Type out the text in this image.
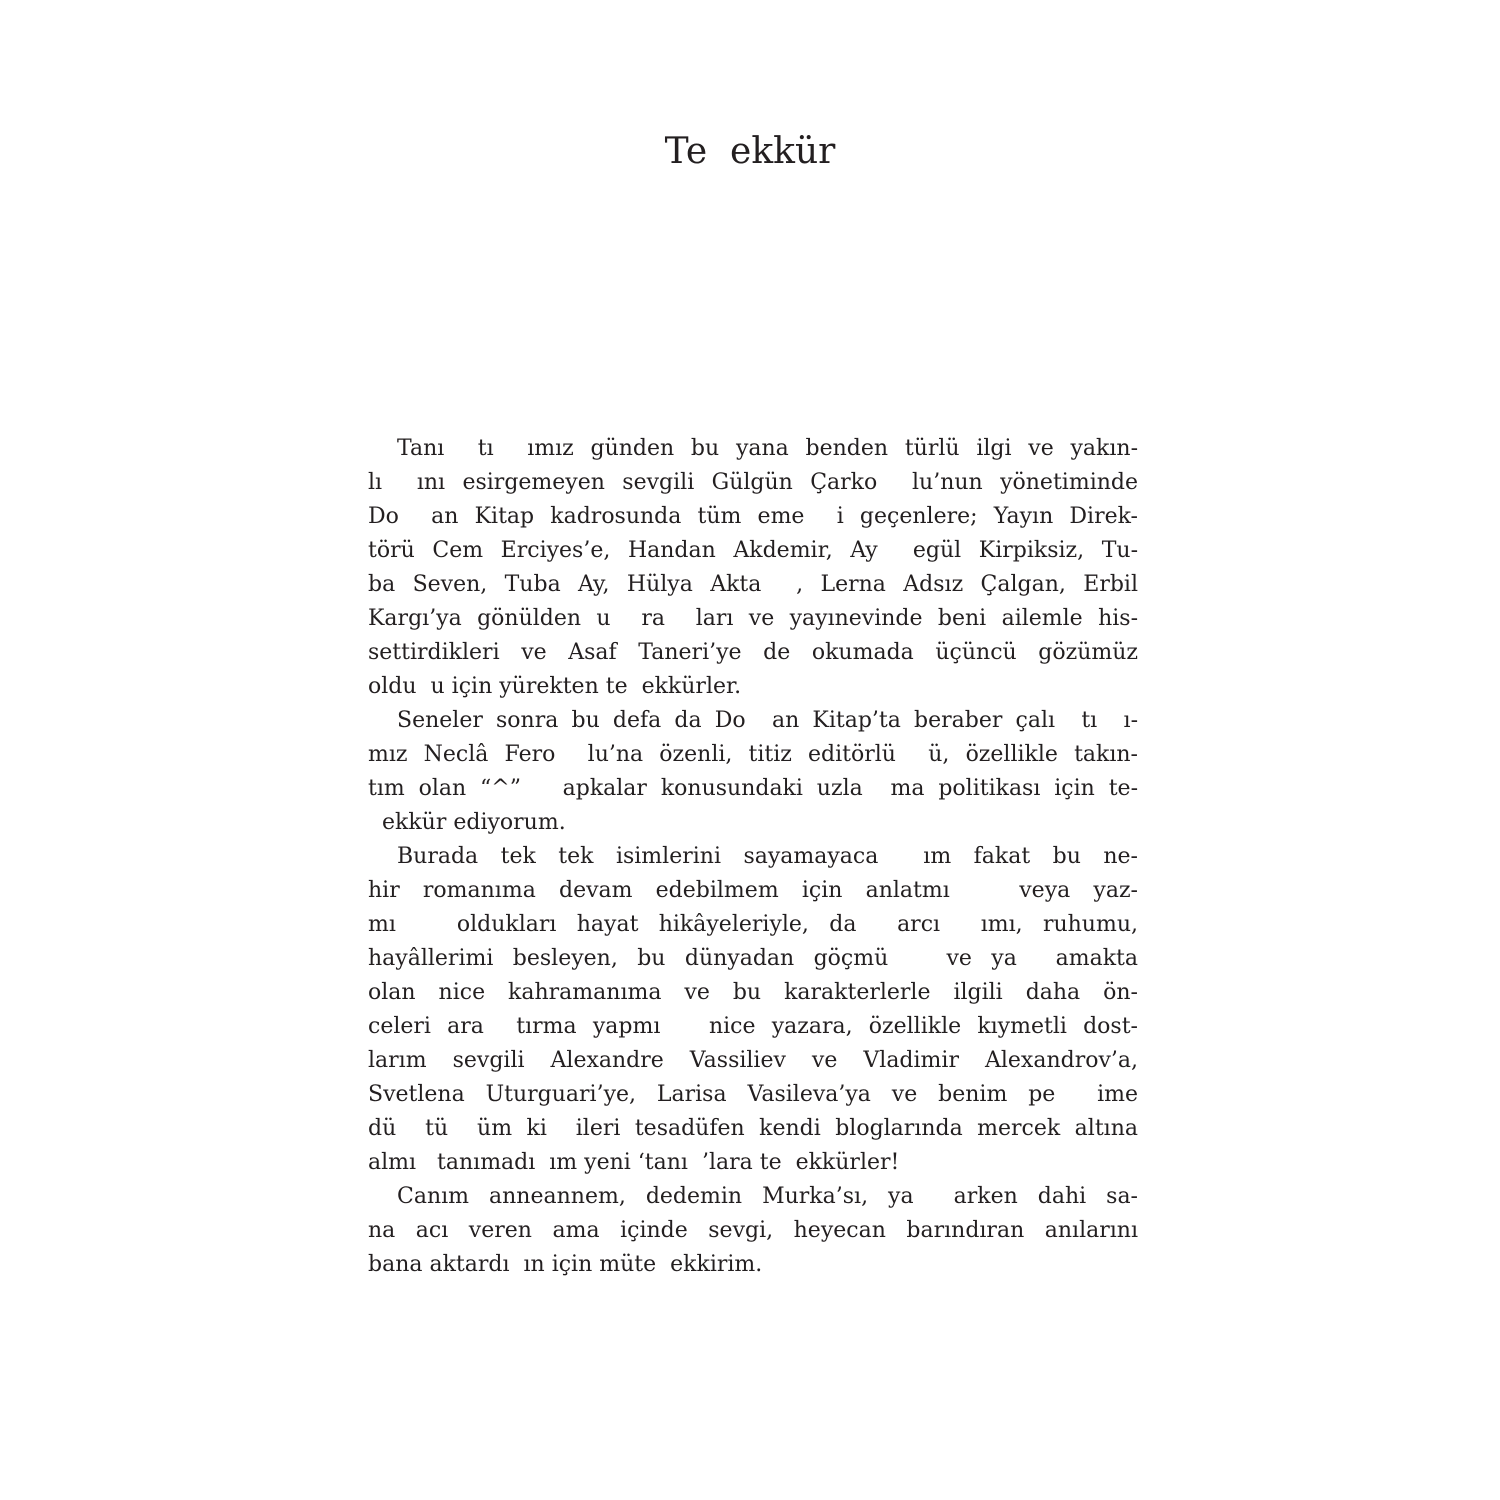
Te  ekkür

Tanı  tı  ımız günden bu yana benden türlü ilgi ve yakın-
lı  ını esirgemeyen sevgili Gülgün Çarko  lu’nun yönetiminde
Do  an Kitap kadrosunda tüm eme  i geçenlere; Yayın Direk-
törü Cem Erciyes’e, Handan Akdemir, Ay  egül Kirpiksiz, Tu-
ba Seven, Tuba Ay, Hülya Akta  , Lerna Adsız Çalgan, Erbil
Kargı’ya gönülden u  ra  ları ve yayınevinde beni ailemle his-
settirdikleri ve Asaf Taneri’ye de okumada üçüncü gözümüz
oldu  u için yürekten te  ekkürler.

Seneler sonra bu defa da Do  an Kitap’ta beraber çalı  tı  ı-
mız Neclâ Fero  lu’na özenli, titiz editörlü  ü, özellikle takın-
tım olan “^”   apkalar konusundaki uzla  ma politikası için te-
ekkür ediyorum.

Burada tek tek isimlerini sayamayaca  ım fakat bu ne-
hir romanıma devam edebilmem için anlatmı   veya yaz-
mı   oldukları hayat hikâyeleriyle, da  arcı  ımı, ruhumu,
hayâllerimi besleyen, bu dünyadan göçmü   ve ya  amakta
olan nice kahramanıma ve bu karakterlerle ilgili daha ön-
celeri ara  tırma yapmı   nice yazara, özellikle kıymetli dost-
larım sevgili Alexandre Vassiliev ve Vladimir Alexandrov’a,
Svetlena Uturguari’ye, Larisa Vasileva’ya ve benim pe  ime
dü  tü  üm ki  ileri tesadüfen kendi bloglarında mercek altına
almı   tanımadı  ım yeni ‘tanı  ’lara te  ekkürler!

Canım anneannem, dedemin Murka’sı, ya  arken dahi sa-
na acı veren ama içinde sevgi, heyecan barındıran anılarını
bana aktardı  ın için müte  ekkirim.
